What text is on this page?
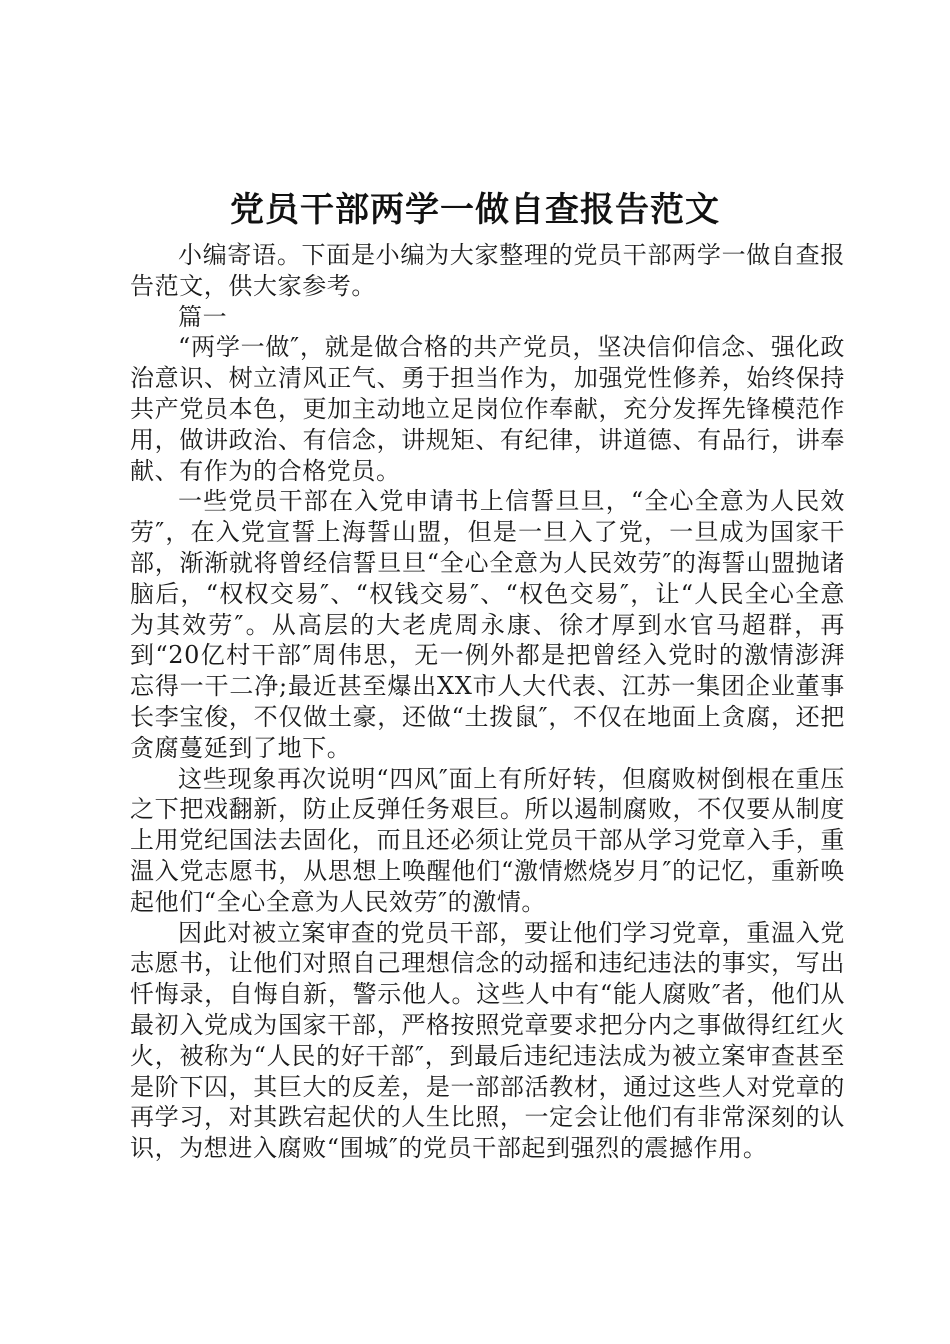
党员干部两学一做自查报告范文

小编寄语。下面是小编为大家整理的党员干部两学一做自查报告范文，供大家参考。

篇一

“两学一做″，就是做合格的共产党员，坚决信仰信念、强化政治意识、树立清风正气、勇于担当作为，加强党性修养，始终保持共产党员本色，更加主动地立足岗位作奉献，充分发挥先锋模范作用，做讲政治、有信念，讲规矩、有纪律，讲道德、有品行，讲奉献、有作为的合格党员。

一些党员干部在入党申请书上信誓旦旦，“全心全意为人民效劳″，在入党宣誓上海誓山盟，但是一旦入了党，一旦成为国家干部，渐渐就将曾经信誓旦旦“全心全意为人民效劳″的海誓山盟抛诸脑后，“权权交易″、“权钱交易″、“权色交易″，让“人民全心全意为其效劳″。从高层的大老虎周永康、徐才厚到水官马超群，再到“20亿村干部″周伟思，无一例外都是把曾经入党时的激情澎湃忘得一干二净;最近甚至爆出XX市人大代表、江苏一集团企业董事长李宝俊，不仅做土豪，还做“土拨鼠″，不仅在地面上贪腐，还把贪腐蔓延到了地下。

这些现象再次说明“四风″面上有所好转，但腐败树倒根在重压之下把戏翻新，防止反弹任务艰巨。所以遏制腐败，不仅要从制度上用党纪国法去固化，而且还必须让党员干部从学习党章入手，重温入党志愿书，从思想上唤醒他们“激情燃烧岁月″的记忆，重新唤起他们“全心全意为人民效劳″的激情。

因此对被立案审查的党员干部，要让他们学习党章，重温入党志愿书，让他们对照自己理想信念的动摇和违纪违法的事实，写出忏悔录，自悔自新，警示他人。这些人中有“能人腐败″者，他们从最初入党成为国家干部，严格按照党章要求把分内之事做得红红火火，被称为“人民的好干部″，到最后违纪违法成为被立案审查甚至是阶下囚，其巨大的反差，是一部部活教材，通过这些人对党章的再学习，对其跌宕起伏的人生比照，一定会让他们有非常深刻的认识，为想进入腐败“围城″的党员干部起到强烈的震撼作用。
